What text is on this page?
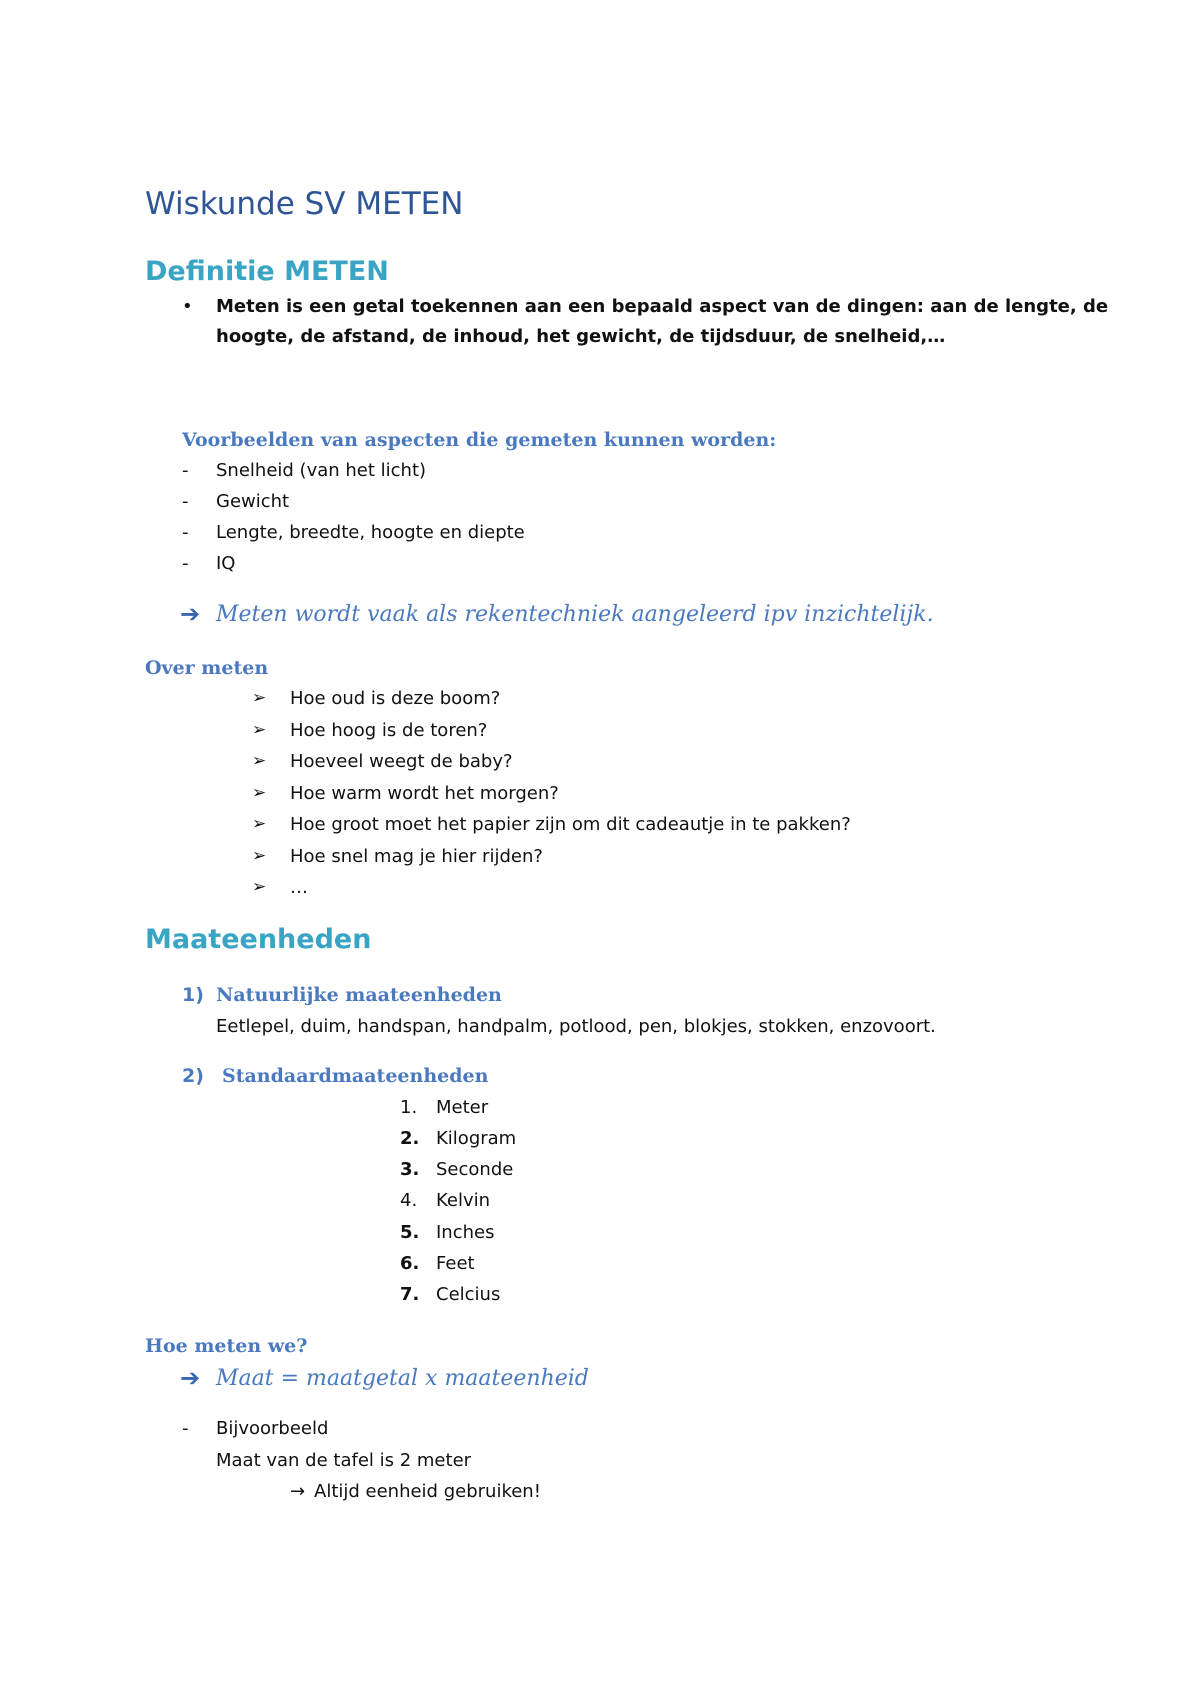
Wiskunde SV METEN
Definitie METEN
• Meten is een getal toekennen aan een bepaald aspect van de dingen: aan de lengte, de

hoogte, de afstand, de inhoud, het gewicht, de tijdsduur, de snelheid,…

Voorbeelden van aspecten die gemeten kunnen worden:
- Snelheid (van het licht)

- Gewicht

- Lengte, breedte, hoogte en diepte

- IQ

➔ Meten wordt vaak als rekentechniek aangeleerd ipv inzichtelijk.

Over meten
➢ Hoe oud is deze boom?

➢ Hoe hoog is de toren?

➢ Hoeveel weegt de baby?

➢ Hoe warm wordt het morgen?

➢ Hoe groot moet het papier zijn om dit cadeautje in te pakken?

➢ Hoe snel mag je hier rijden?

➢ …

Maateenheden
1) Natuurlijke maateenheden

Eetlepel, duim, handspan, handpalm, potlood, pen, blokjes, stokken, enzovoort.

2) Standaardmaateenheden
1. Meter

2. Kilogram

3. Seconde

4. Kelvin

5. Inches

6. Feet

7. Celcius

Hoe meten we?
➔ Maat = maatgetal x maateenheid

- Bijvoorbeeld

Maat van de tafel is 2 meter

→ Altijd eenheid gebruiken!
